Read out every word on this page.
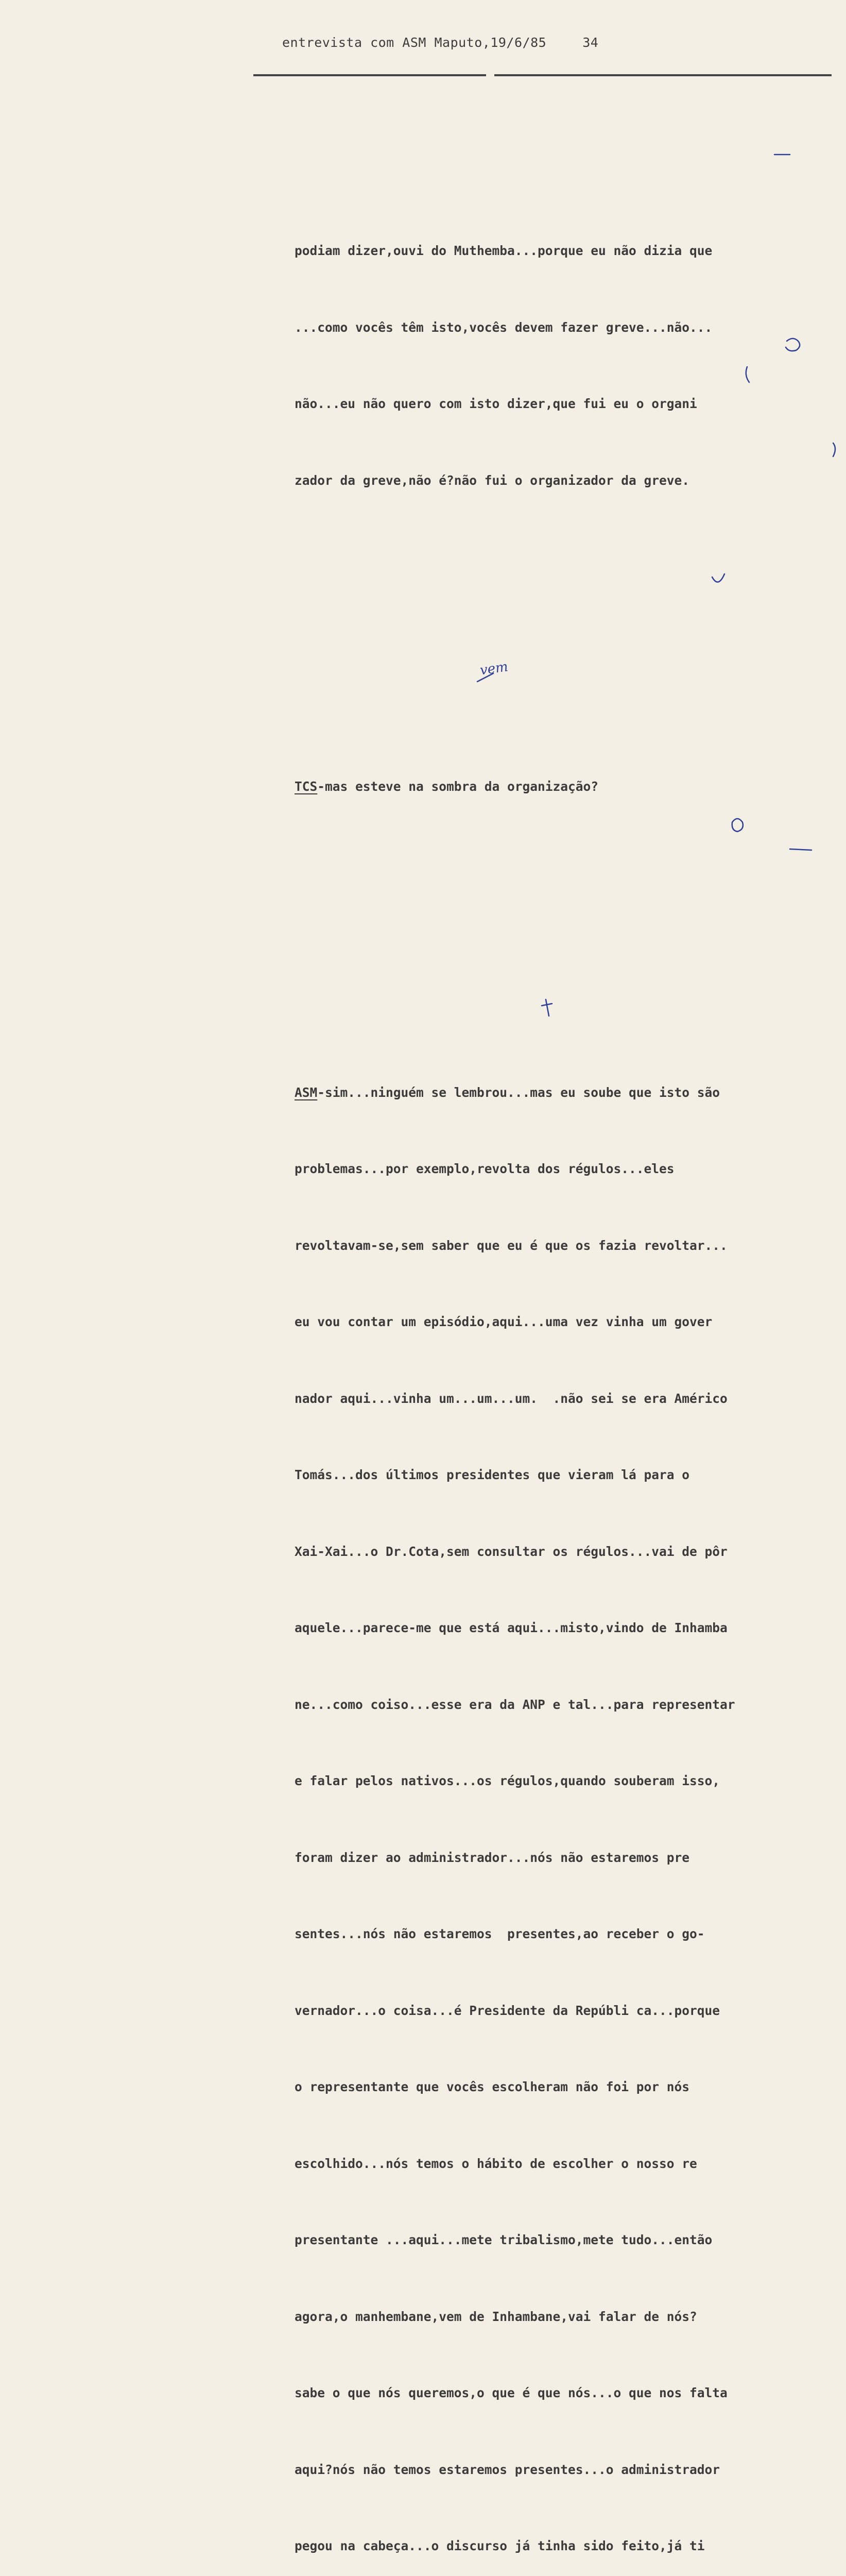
entrevista com ASM Maputo,19/6/85	34

podiam dizer,ouvi do Muthemba...porque eu não dizia que

...como vocês têm isto,vocês devem fazer greve...não...

não...eu não quero com isto dizer,que fui eu o organi

zador da greve,não é?não fui o organizador da greve.

TCS-mas esteve na sombra da organização?

ASM-sim...ninguém se lembrou...mas eu soube que isto são

problemas...por exemplo,revolta dos régulos...eles

revoltavam-se,sem saber que eu é que os fazia revoltar...

eu vou contar um episódio,aqui...uma vez vinha um gover

nador aqui...vinha um...um...um.  .não sei se era Américo

Tomás...dos últimos presidentes que vieram lá para o

Xai-Xai...o Dr.Cota,sem consultar os régulos...vai de pôr

aquele...parece-me que está aqui...misto,vindo de Inhamba

ne...como coiso...esse era da ANP e tal...para representar

e falar pelos nativos...os régulos,quando souberam isso,

foram dizer ao administrador...nós não estaremos pre

sentes...nós não estaremos  presentes,ao receber o go-

vernador...o coisa...é Presidente da Repúbli ca...porque

o representante que vocês escolheram não foi por nós

escolhido...nós temos o hábito de escolher o nosso re

presentante ...aqui...mete tribalismo,mete tudo...então

agora,o manhembane,vem de Inhambane,vai falar de nós?

sabe o que nós queremos,o que é que nós...o que nos falta

aqui?nós não temos estaremos presentes...o administrador

pegou na cabeça...o discurso já tinha sido feito,já ti

vem
